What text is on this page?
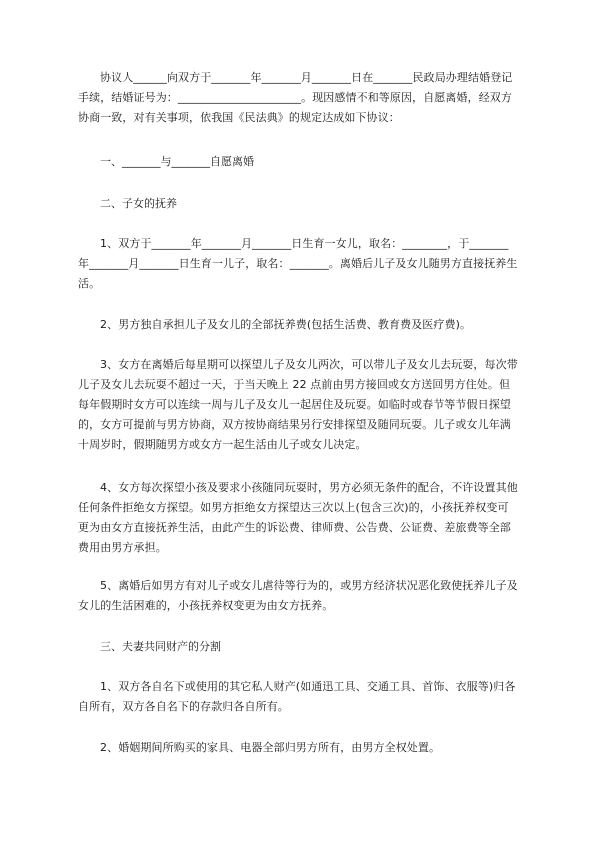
协议人______向双方于_______年_______月_______日在_______民政局办理结婚登记手续，结婚证号为：______________________。现因感情不和等原因，自愿离婚，经双方协商一致，对有关事项，依我国《民法典》的规定达成如下协议：

一、_______与_______自愿离婚

二、子女的抚养

1、双方于_______年_______月_______日生育一女儿，取名：________，于_______年_______月_______日生育一儿子，取名：_______。离婚后儿子及女儿随男方直接抚养生活。

2、男方独自承担儿子及女儿的全部抚养费(包括生活费、教育费及医疗费)。

3、女方在离婚后每星期可以探望儿子及女儿两次，可以带儿子及女儿去玩耍，每次带儿子及女儿去玩耍不超过一天，于当天晚上 22 点前由男方接回或女方送回男方住处。但每年假期时女方可以连续一周与儿子及女儿一起居住及玩耍。如临时或春节等节假日探望的，女方可提前与男方协商，双方按协商结果另行安排探望及随同玩耍。儿子或女儿年满十周岁时，假期随男方或女方一起生活由儿子或女儿决定。

4、女方每次探望小孩及要求小孩随同玩耍时，男方必须无条件的配合，不许设置其他任何条件拒绝女方探望。如男方拒绝女方探望达三次以上(包含三次)的，小孩抚养权变可更为由女方直接抚养生活，由此产生的诉讼费、律师费、公告费、公证费、差旅费等全部费用由男方承担。

5、离婚后如男方有对儿子或女儿虐待等行为的，或男方经济状况恶化致使抚养儿子及女儿的生活困难的，小孩抚养权变更为由女方抚养。

三、夫妻共同财产的分割

1、双方各自名下或使用的其它私人财产(如通迅工具、交通工具、首饰、衣服等)归各自所有，双方各自名下的存款归各自所有。

2、婚姻期间所购买的家具、电器全部归男方所有，由男方全权处置。
